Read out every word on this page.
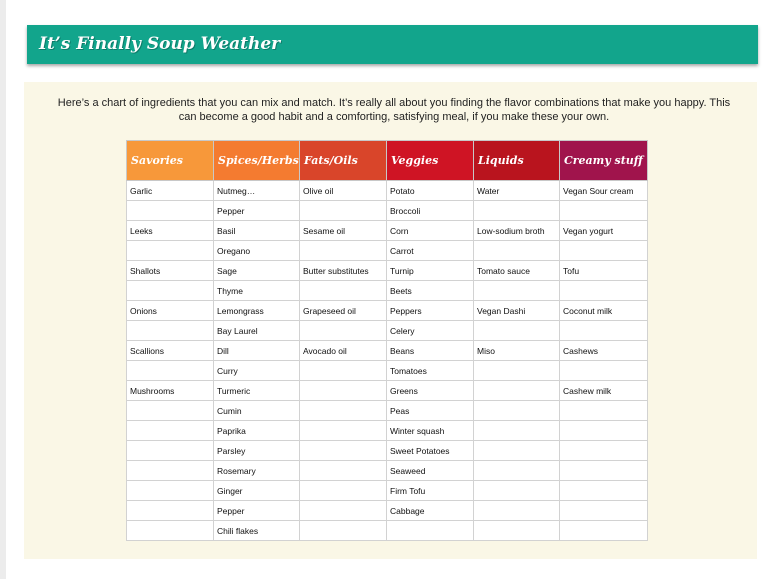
It’s Finally Soup Weather
Here’s a chart of ingredients that you can mix and match. It’s really all about you finding the flavor combinations that make you happy. This can become a good habit and a comforting, satisfying meal, if you make these your own.
Savories	Spices/Herbs	Fats/Oils	Veggies	Liquids	Creamy stuff
Garlic	Nutmeg…	Olive oil	Potato	Water	Vegan Sour cream
	Pepper		Broccoli		
Leeks	Basil	Sesame oil	Corn	Low-sodium broth	Vegan yogurt
	Oregano		Carrot		
Shallots	Sage	Butter substitutes	Turnip	Tomato sauce	Tofu
	Thyme		Beets		
Onions	Lemongrass	Grapeseed oil	Peppers	Vegan Dashi	Coconut milk
	Bay Laurel		Celery		
Scallions	Dill	Avocado oil	Beans	Miso	Cashews
	Curry		Tomatoes		
Mushrooms	Turmeric		Greens		Cashew milk
	Cumin		Peas		
	Paprika		Winter squash		
	Parsley		Sweet Potatoes		
	Rosemary		Seaweed		
	Ginger		Firm Tofu		
	Pepper		Cabbage		
	Chili flakes				
